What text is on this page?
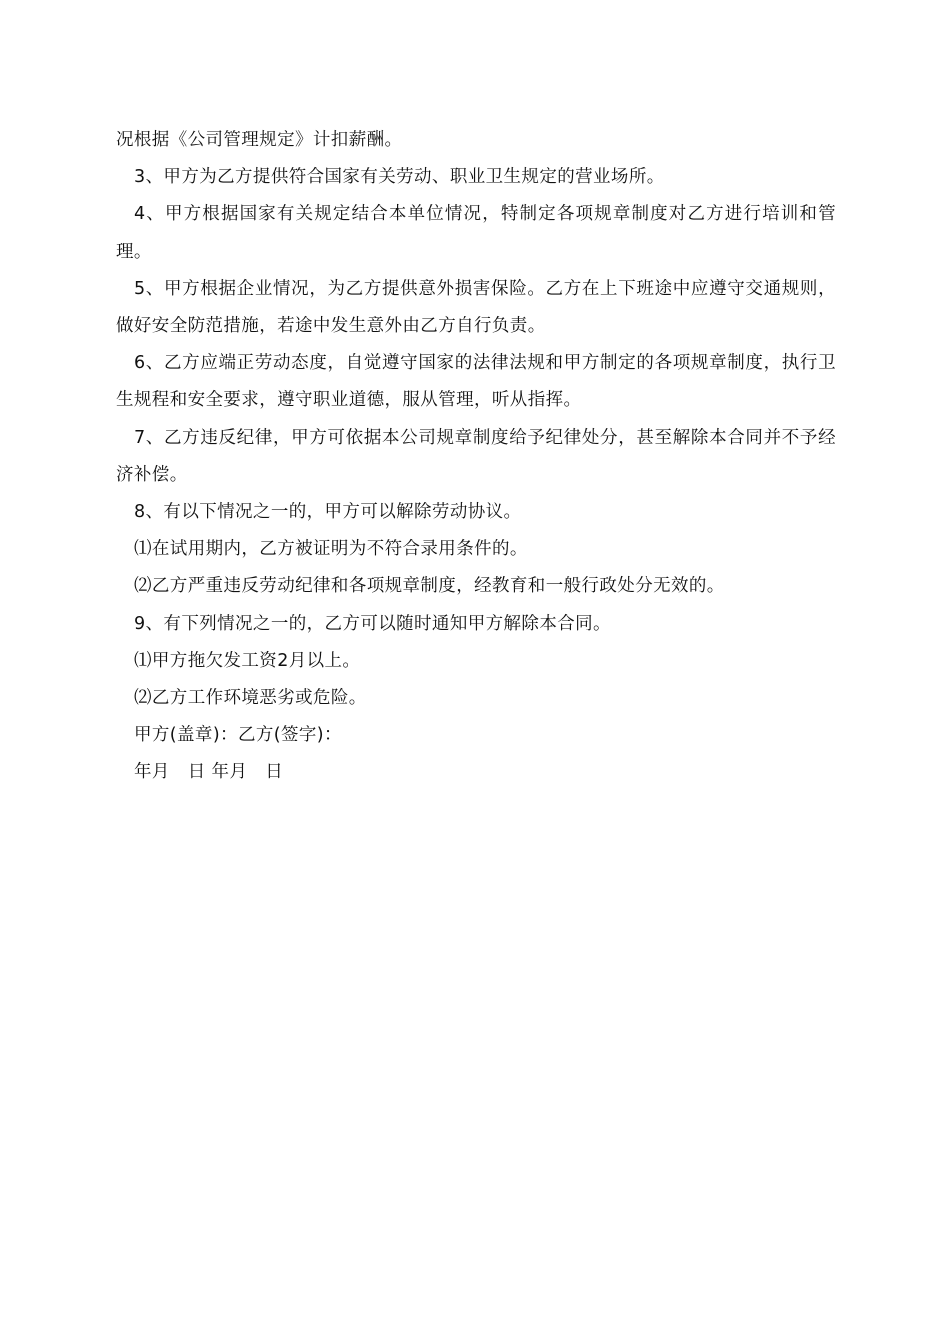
况根据《公司管理规定》计扣薪酬。

3、甲方为乙方提供符合国家有关劳动、职业卫生规定的营业场所。

4、甲方根据国家有关规定结合本单位情况，特制定各项规章制度对乙方进行培训和管理。

5、甲方根据企业情况，为乙方提供意外损害保险。乙方在上下班途中应遵守交通规则，做好安全防范措施，若途中发生意外由乙方自行负责。

6、乙方应端正劳动态度，自觉遵守国家的法律法规和甲方制定的各项规章制度，执行卫生规程和安全要求，遵守职业道德，服从管理，听从指挥。

7、乙方违反纪律，甲方可依据本公司规章制度给予纪律处分，甚至解除本合同并不予经济补偿。

8、有以下情况之一的，甲方可以解除劳动协议。

⑴在试用期内，乙方被证明为不符合录用条件的。

⑵乙方严重违反劳动纪律和各项规章制度，经教育和一般行政处分无效的。

9、有下列情况之一的，乙方可以随时通知甲方解除本合同。

⑴甲方拖欠发工资2月以上。

⑵乙方工作环境恶劣或危险。

甲方(盖章)：乙方(签字)：

年月　日 年月　日
